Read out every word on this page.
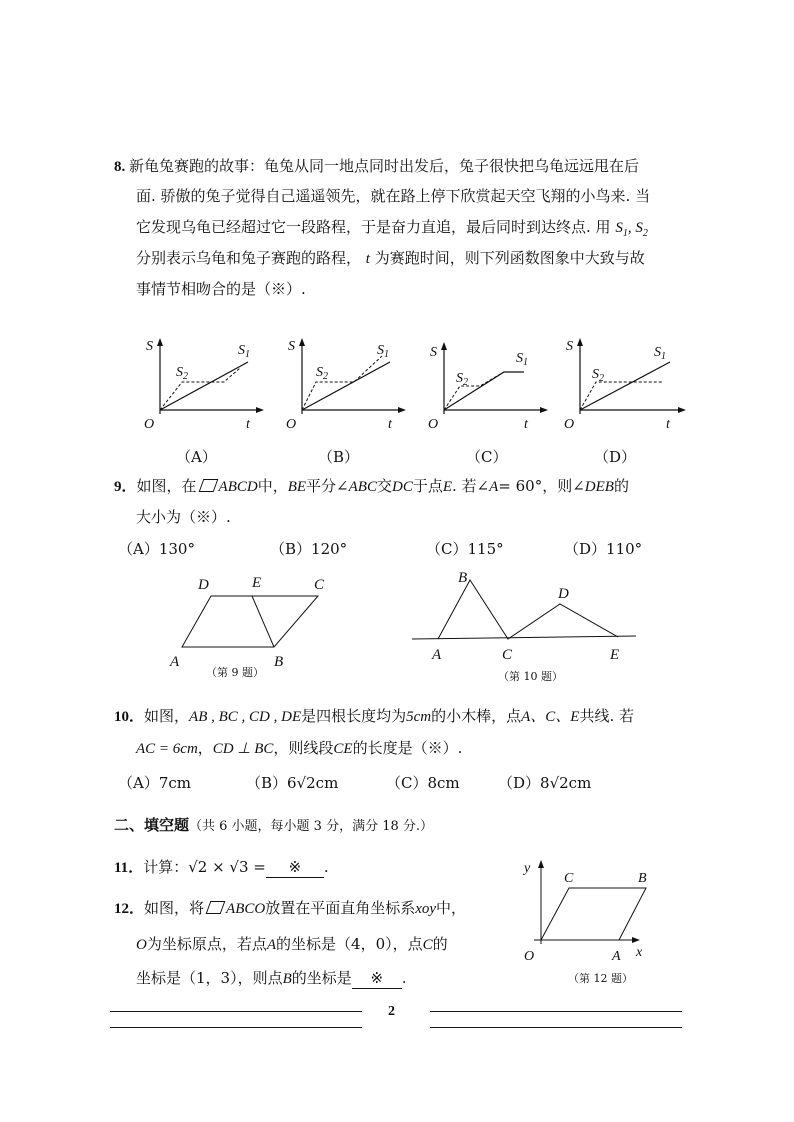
8. 新龟兔赛跑的故事：龟兔从同一地点同时出发后，兔子很快把乌龟远远甩在后
面. 骄傲的兔子觉得自己遥遥领先，就在路上停下欣赏起天空飞翔的小鸟来. 当
它发现乌龟已经超过它一段路程，于是奋力直追，最后同时到达终点. 用 $S_1$, $S_2$
分别表示乌龟和兔子赛跑的路程， t 为赛跑时间，则下列函数图象中大致与故
事情节相吻合的是（※）.
S	$S_1$
$S_2$
O	t
（A）
S	$S_1$
$S_2$
O	t
（B）
S	$S_1$
$S_2$
O	t
（C）
S	$S_1$
$S_2$
O	t
（D）
9．如图，在 ABCD中，BE平分∠ABC交DC于点E. 若∠A= 60°，则∠DEB的
大小为（※）.
（A）130°	（B）120°	（C）115°	（D）110°
D	E	C
A	B
（第 9 题）
B
D
A	C	E
（第 10 题）
10．如图，AB , BC , CD , DE是四根长度均为5cm的小木棒，点A、C、E共线. 若
AC = 6cm，CD ⊥ BC，则线段CE的长度是（※）.
（A）7cm	（B）6√2cm	（C）8cm	（D）8√2cm
二、填空题（共 6 小题，每小题 3 分，满分 18 分.）
11．计算：√2 × √3 = ※ .
12．如图，将 ABCO放置在平面直角坐标系xoy中，
O为坐标原点，若点A的坐标是（4，0），点C的
坐标是（1，3），则点B的坐标是 ※ .
y
x
O	A
B
C
（第 12 题）
2
